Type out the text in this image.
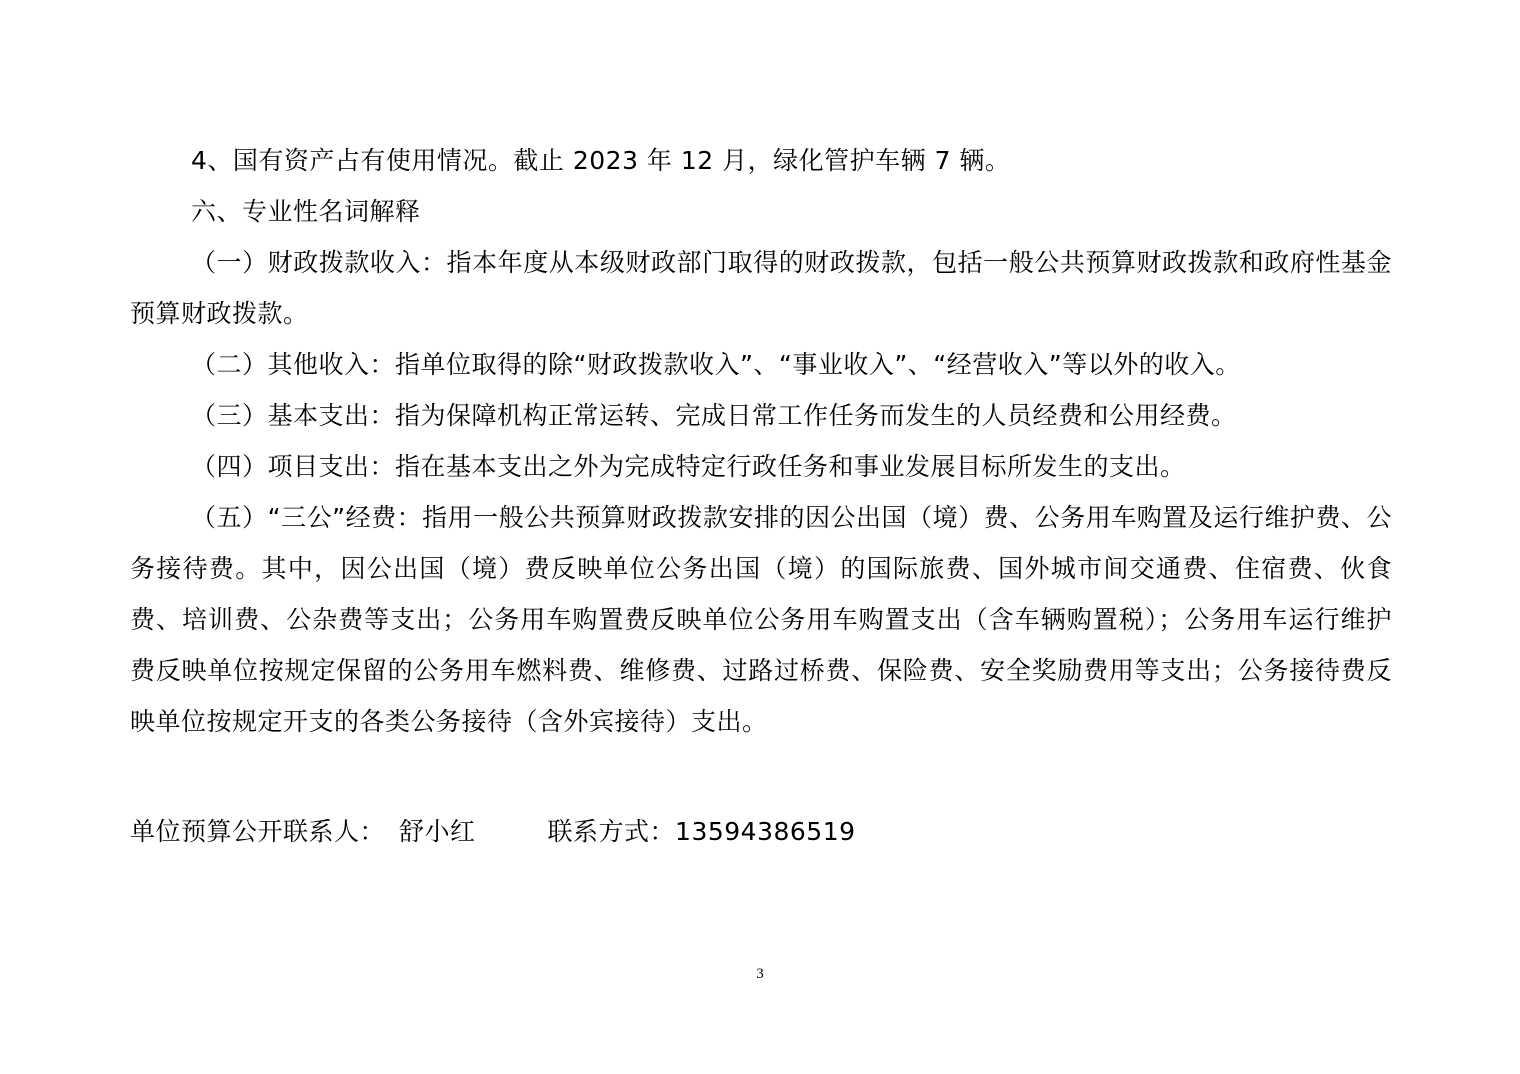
4、国有资产占有使用情况。截止 2023 年 12 月，绿化管护车辆 7 辆。

六、专业性名词解释

（一）财政拨款收入：指本年度从本级财政部门取得的财政拨款，包括一般公共预算财政拨款和政府性基金预算财政拨款。

（二）其他收入：指单位取得的除“财政拨款收入”、“事业收入”、“经营收入”等以外的收入。

（三）基本支出：指为保障机构正常运转、完成日常工作任务而发生的人员经费和公用经费。

（四）项目支出：指在基本支出之外为完成特定行政任务和事业发展目标所发生的支出。

（五）“三公”经费：指用一般公共预算财政拨款安排的因公出国（境）费、公务用车购置及运行维护费、公务接待费。其中，因公出国（境）费反映单位公务出国（境）的国际旅费、国外城市间交通费、住宿费、伙食费、培训费、公杂费等支出；公务用车购置费反映单位公务用车购置支出（含车辆购置税）；公务用车运行维护费反映单位按规定保留的公务用车燃料费、维修费、过路过桥费、保险费、安全奖励费用等支出；公务接待费反映单位按规定开支的各类公务接待（含外宾接待）支出。

单位预算公开联系人： 舒小红	联系方式：13594386519
3
